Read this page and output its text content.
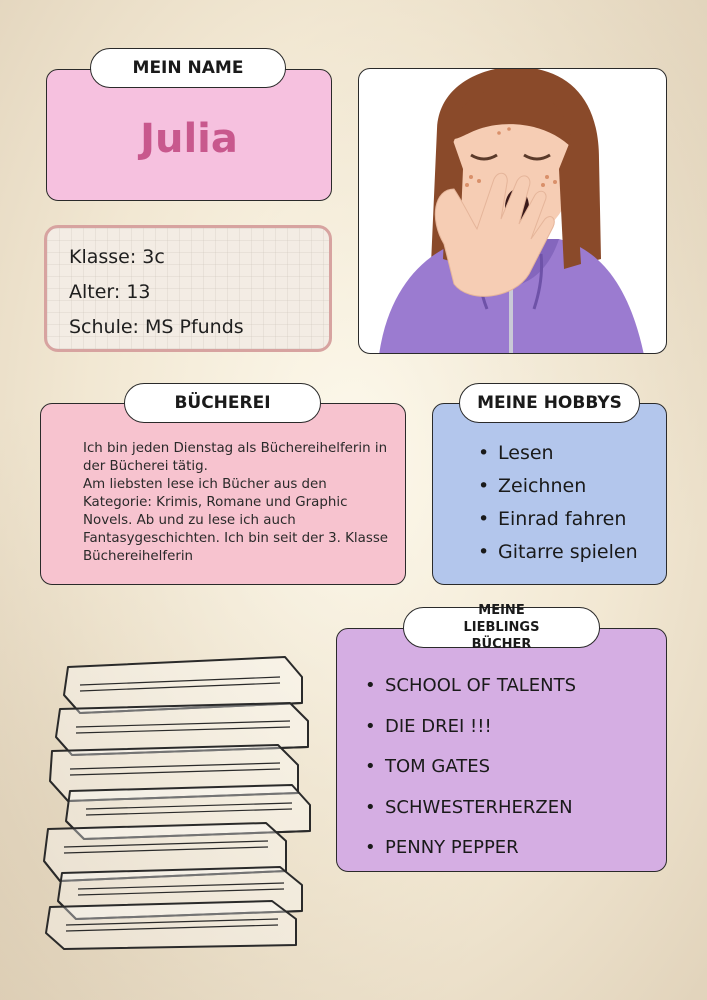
Julia
MEIN NAME
Klasse: 3c
Alter: 13
Schule: MS Pfunds
Ich bin jeden Dienstag als Büchereihelferin in der Bücherei tätig.
Am liebsten lese ich Bücher aus den Kategorie: Krimis, Romane und Graphic Novels. Ab und zu lese ich auch Fantasygeschichten. Ich bin seit der 3. Klasse Büchereihelferin
BÜCHEREI
• Lesen
• Zeichnen
• Einrad fahren
• Gitarre spielen
MEINE HOBBYS
• SCHOOL OF TALENTS
• DIE DREI !!!
• TOM GATES
• SCHWESTERHERZEN
• PENNY PEPPER
MEINE LIEBLINGS BÜCHER
